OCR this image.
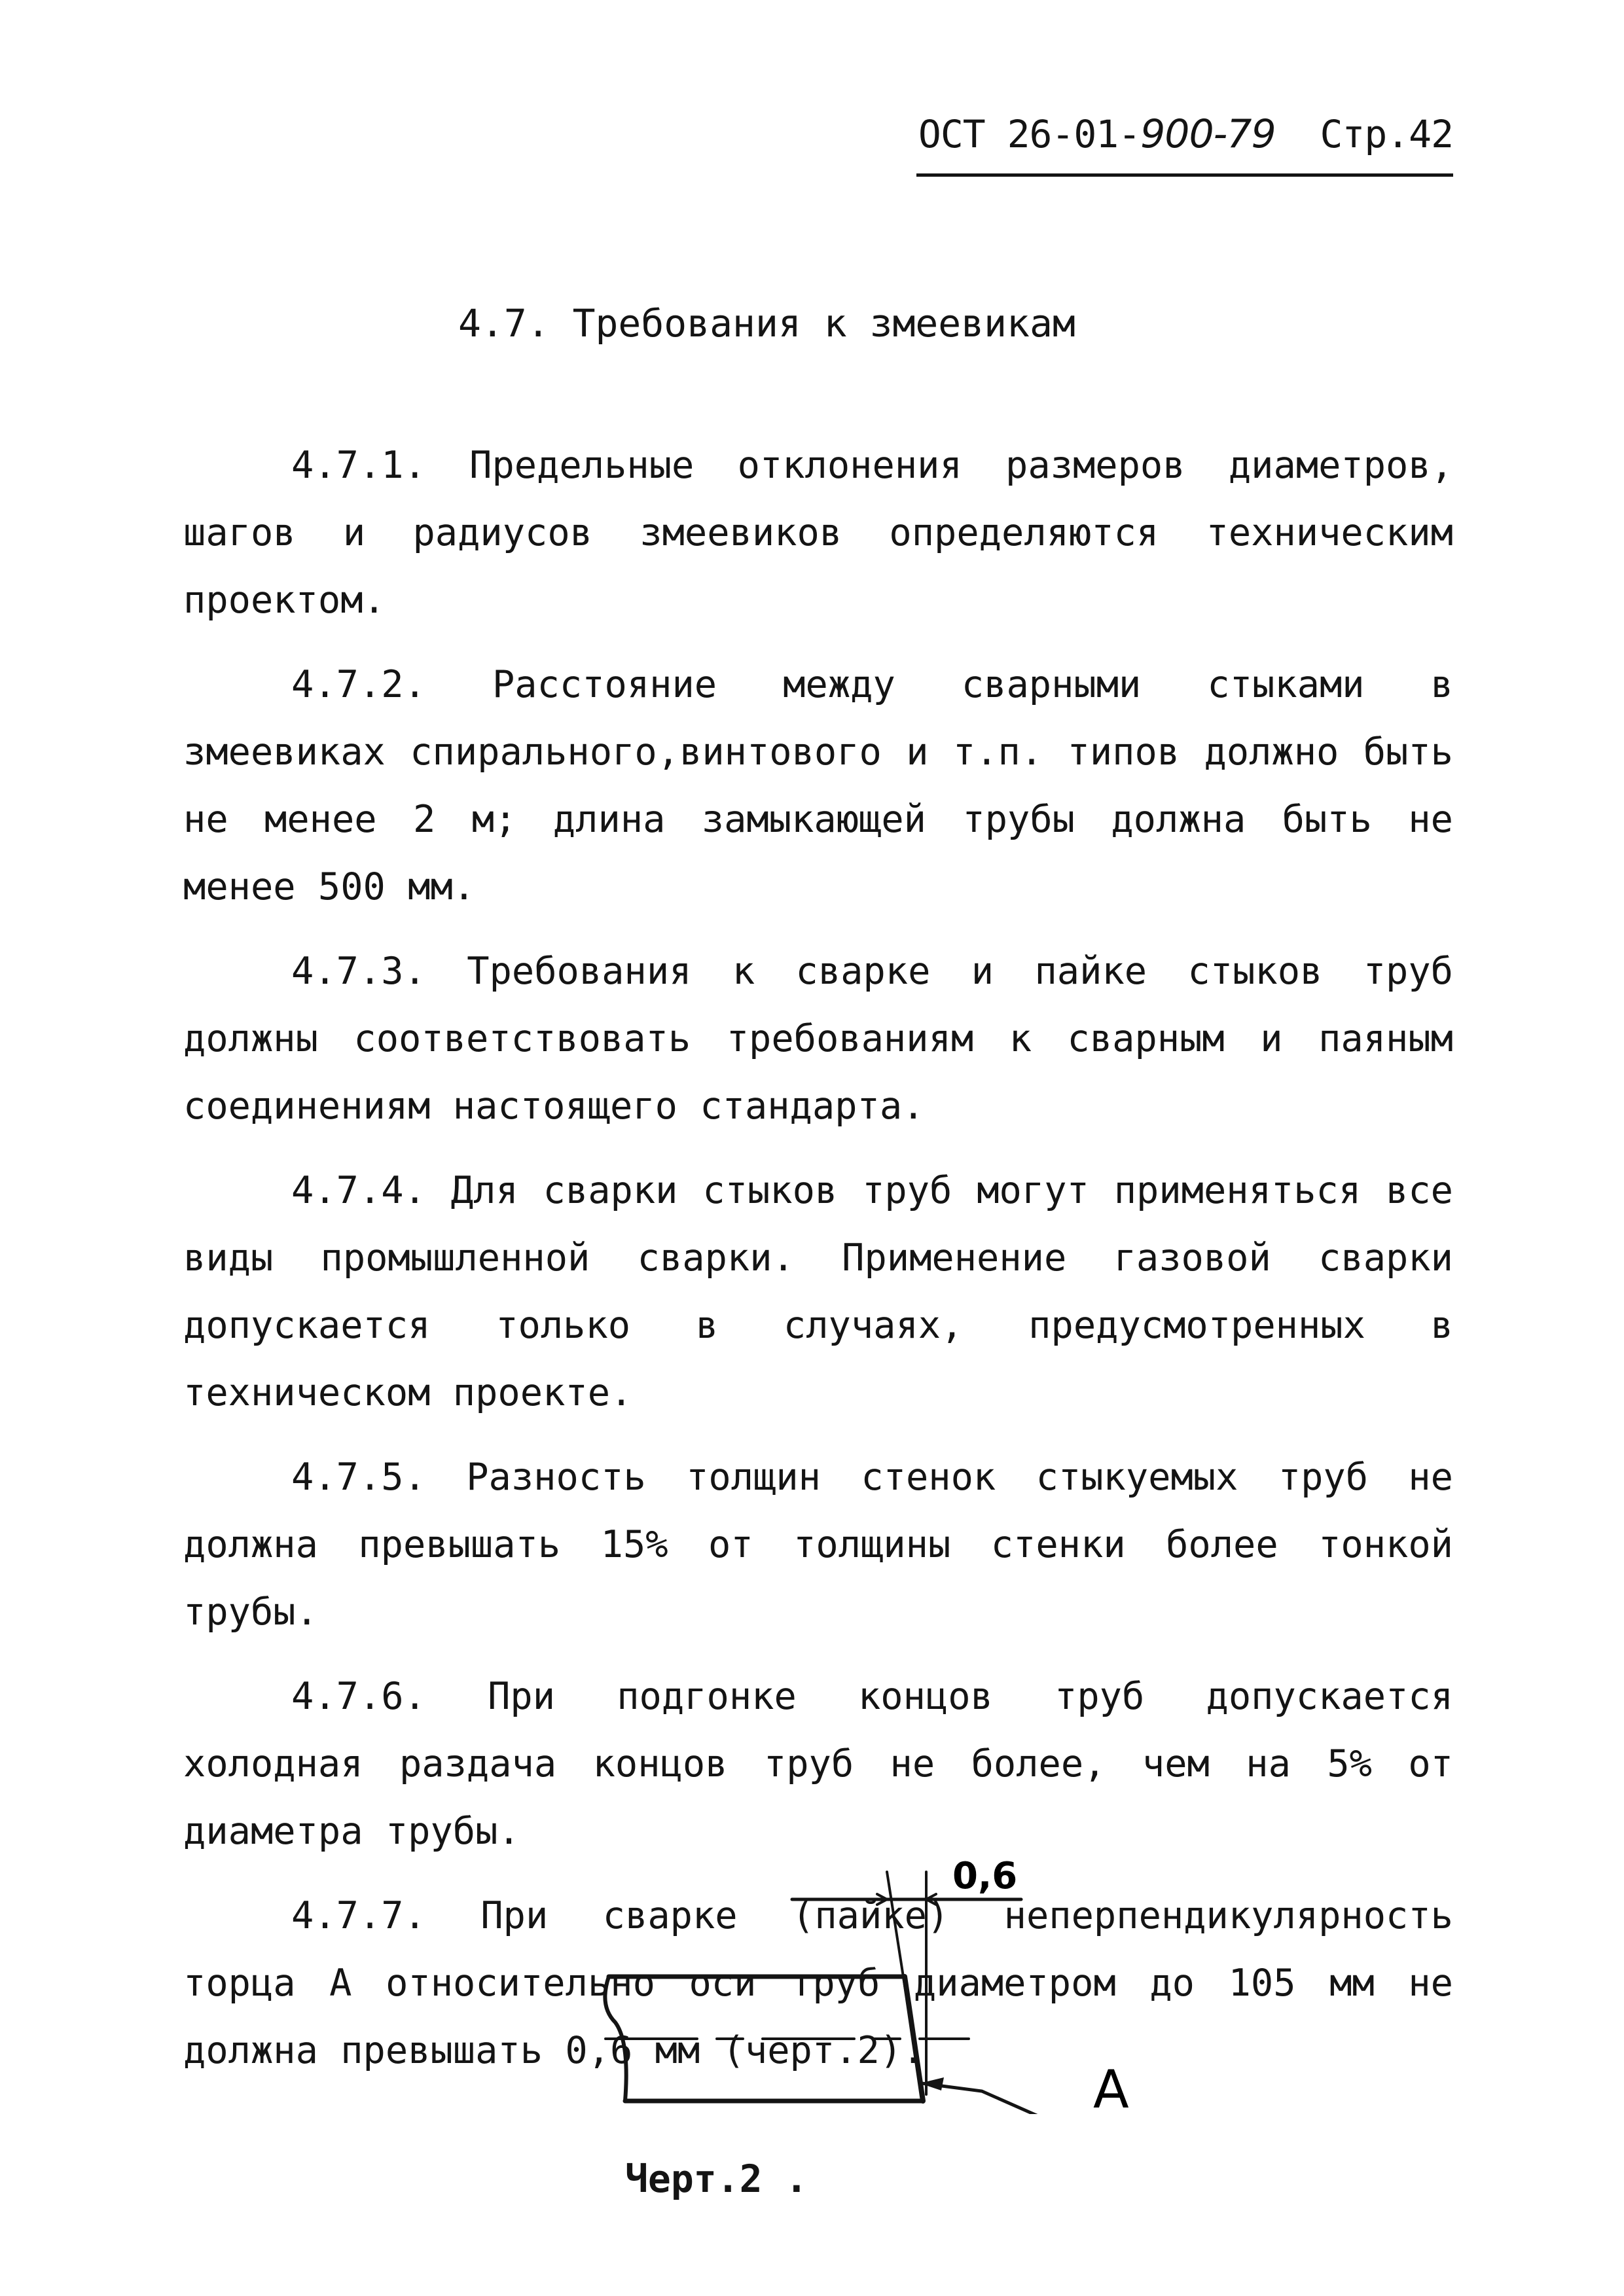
ОСТ 26-01-900-79 Стр.42
4.7. Требования к змеевикам

4.7.1. Предельные отклонения размеров диаметров, шагов и радиусов змеевиков определяются техническим проектом.

4.7.2. Расстояние между сварными стыками в змеевиках спирального,винтового и т.п. типов должно быть не менее 2 м; длина замыкающей трубы должна быть не менее 500 мм.

4.7.3. Требования к сварке и пайке стыков труб должны соответствовать требованиям к сварным и паяным соединениям настоящего стандарта.

4.7.4. Для сварки стыков труб могут применяться все виды промышленной сварки. Применение газовой сварки допускается только в случаях, предусмотренных в техническом проекте.

4.7.5. Разность толщин стенок стыкуемых труб не должна превышать 15% от толщины стенки более тонкой трубы.

4.7.6. При подгонке концов труб допускается холодная раздача концов труб не более, чем на 5% от диаметра трубы.

4.7.7. При сварке (пайке) неперпендикулярность торца А относительно оси труб диаметром до 105 мм не должна превышать 0,6 мм (черт.2).

0,6
А
Черт.2 .
